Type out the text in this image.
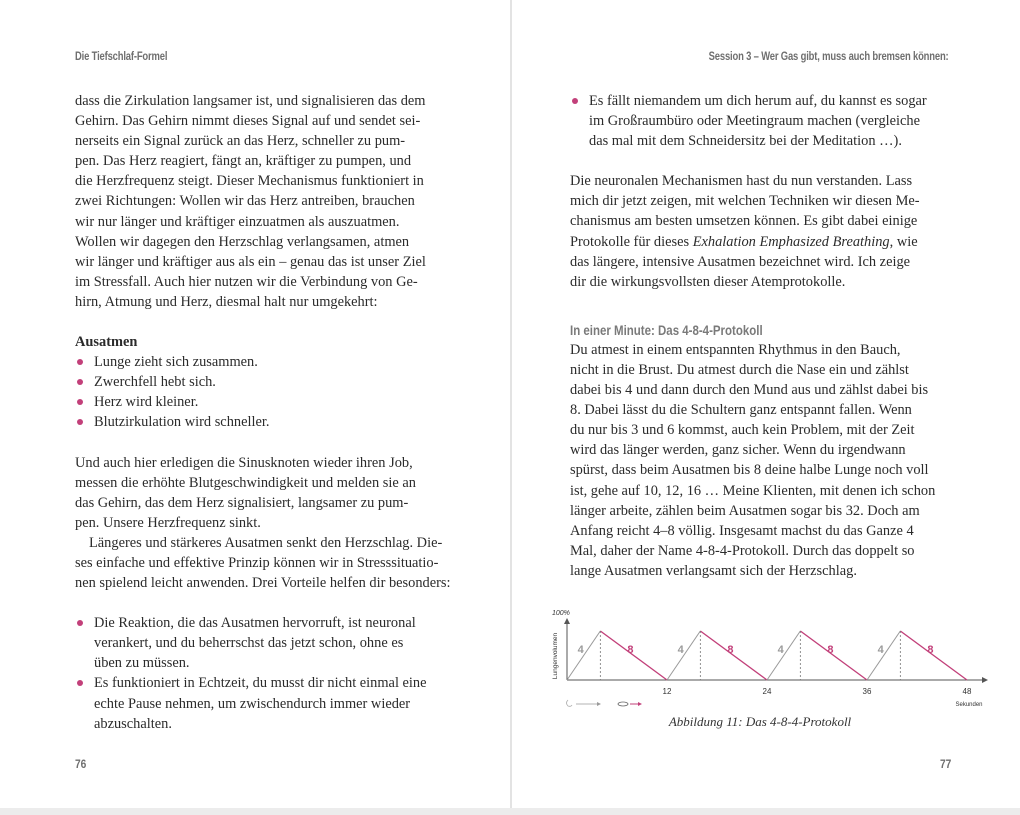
Die Tiefschlaf-Formel

dass die Zirkulation langsamer ist, und signalisieren das dem
Gehirn. Das Gehirn nimmt dieses Signal auf und sendet sei-
nerseits ein Signal zurück an das Herz, schneller zu pum-
pen. Das Herz reagiert, fängt an, kräftiger zu pumpen, und
die Herzfrequenz steigt. Dieser Mechanismus funktioniert in
zwei Richtungen: Wollen wir das Herz antreiben, brauchen
wir nur länger und kräftiger einzuatmen als auszuatmen.
Wollen wir dagegen den Herzschlag verlangsamen, atmen
wir länger und kräftiger aus als ein – genau das ist unser Ziel
im Stressfall. Auch hier nutzen wir die Verbindung von Ge-
hirn, Atmung und Herz, diesmal halt nur umgekehrt:

Ausatmen
Lunge zieht sich zusammen.
Zwerchfell hebt sich.
Herz wird kleiner.
Blutzirkulation wird schneller.

Und auch hier erledigen die Sinusknoten wieder ihren Job,
messen die erhöhte Blutgeschwindigkeit und melden sie an
das Gehirn, das dem Herz signalisiert, langsamer zu pum-
pen. Unsere Herzfrequenz sinkt.

Längeres und stärkeres Ausatmen senkt den Herzschlag. Die-
ses einfache und effektive Prinzip können wir in Stresssituatio-
nen spielend leicht anwenden. Drei Vorteile helfen dir besonders:

Die Reaktion, die das Ausatmen hervorruft, ist neuronal
verankert, und du beherrschst das jetzt schon, ohne es
üben zu müssen.
Es funktioniert in Echtzeit, du musst dir nicht einmal eine
echte Pause nehmen, um zwischendurch immer wieder
abzuschalten.
76
Session 3 – Wer Gas gibt, muss auch bremsen können:
Es fällt niemandem um dich herum auf, du kannst es sogar
im Großraumbüro oder Meetingraum machen (vergleiche
das mal mit dem Schneidersitz bei der Meditation …).

Die neuronalen Mechanismen hast du nun verstanden. Lass
mich dir jetzt zeigen, mit welchen Techniken wir diesen Me-
chanismus am besten umsetzen können. Es gibt dabei einige
Protokolle für dieses Exhalation Emphasized Breathing, wie
das längere, intensive Ausatmen bezeichnet wird. Ich zeige
dir die wirkungsvollsten dieser Atemprotokolle.

In einer Minute: Das 4-8-4-Protokoll

Du atmest in einem entspannten Rhythmus in den Bauch,
nicht in die Brust. Du atmest durch die Nase ein und zählst
dabei bis 4 und dann durch den Mund aus und zählst dabei bis
8. Dabei lässt du die Schultern ganz entspannt fallen. Wenn
du nur bis 3 und 6 kommst, auch kein Problem, mit der Zeit
wird das länger werden, ganz sicher. Wenn du irgendwann
spürst, dass beim Ausatmen bis 8 deine halbe Lunge noch voll
ist, gehe auf 10, 12, 16 … Meine Klienten, mit denen ich schon
länger arbeite, zählen beim Ausatmen sogar bis 32. Doch am
Anfang reicht 4–8 völlig. Insgesamt machst du das Ganze 4
Mal, daher der Name 4-8-4-Protokoll. Durch das doppelt so
lange Ausatmen verlangsamt sich der Herzschlag.

100%
Lungenvolumen 4	8	4	8	4	8	4	8
12	24	36	48
Sekunden
Abbildung 11: Das 4-8-4-Protokoll
77
